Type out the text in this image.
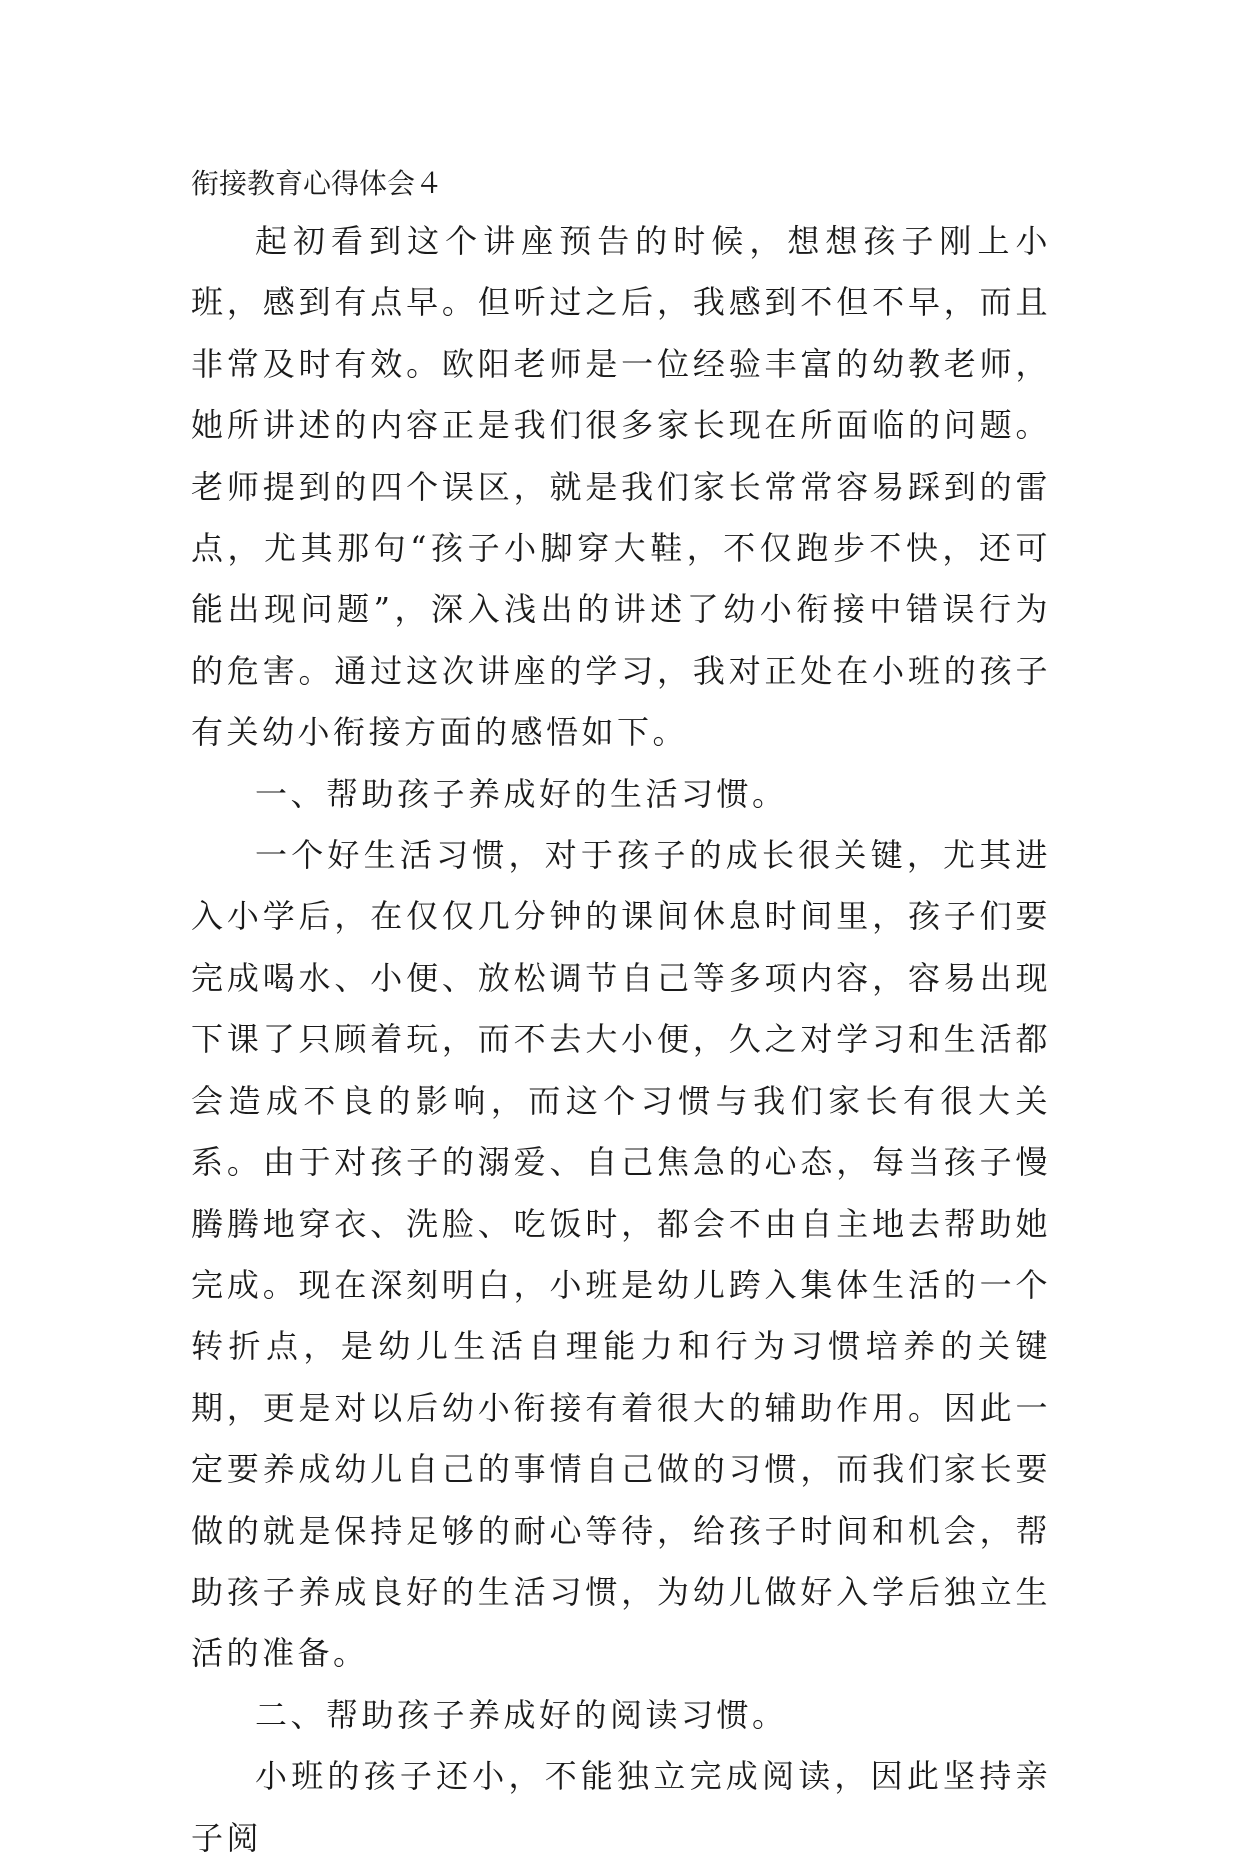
衔接教育心得体会４

起初看到这个讲座预告的时候，想想孩子刚上小班，感到有点早。但听过之后，我感到不但不早，而且非常及时有效。欧阳老师是一位经验丰富的幼教老师，她所讲述的内容正是我们很多家长现在所面临的问题。老师提到的四个误区，就是我们家长常常容易踩到的雷点，尤其那句“孩子小脚穿大鞋，不仅跑步不快，还可能出现问题”，深入浅出的讲述了幼小衔接中错误行为的危害。通过这次讲座的学习，我对正处在小班的孩子有关幼小衔接方面的感悟如下。

一、帮助孩子养成好的生活习惯。

一个好生活习惯，对于孩子的成长很关键，尤其进入小学后，在仅仅几分钟的课间休息时间里，孩子们要完成喝水、小便、放松调节自己等多项内容，容易出现下课了只顾着玩，而不去大小便，久之对学习和生活都会造成不良的影响，而这个习惯与我们家长有很大关系。由于对孩子的溺爱、自己焦急的心态，每当孩子慢腾腾地穿衣、洗脸、吃饭时，都会不由自主地去帮助她完成。现在深刻明白，小班是幼儿跨入集体生活的一个转折点，是幼儿生活自理能力和行为习惯培养的关键期，更是对以后幼小衔接有着很大的辅助作用。因此一定要养成幼儿自己的事情自己做的习惯，而我们家长要做的就是保持足够的耐心等待，给孩子时间和机会，帮助孩子养成良好的生活习惯，为幼儿做好入学后独立生活的准备。

二、帮助孩子养成好的阅读习惯。

小班的孩子还小，不能独立完成阅读，因此坚持亲子阅
